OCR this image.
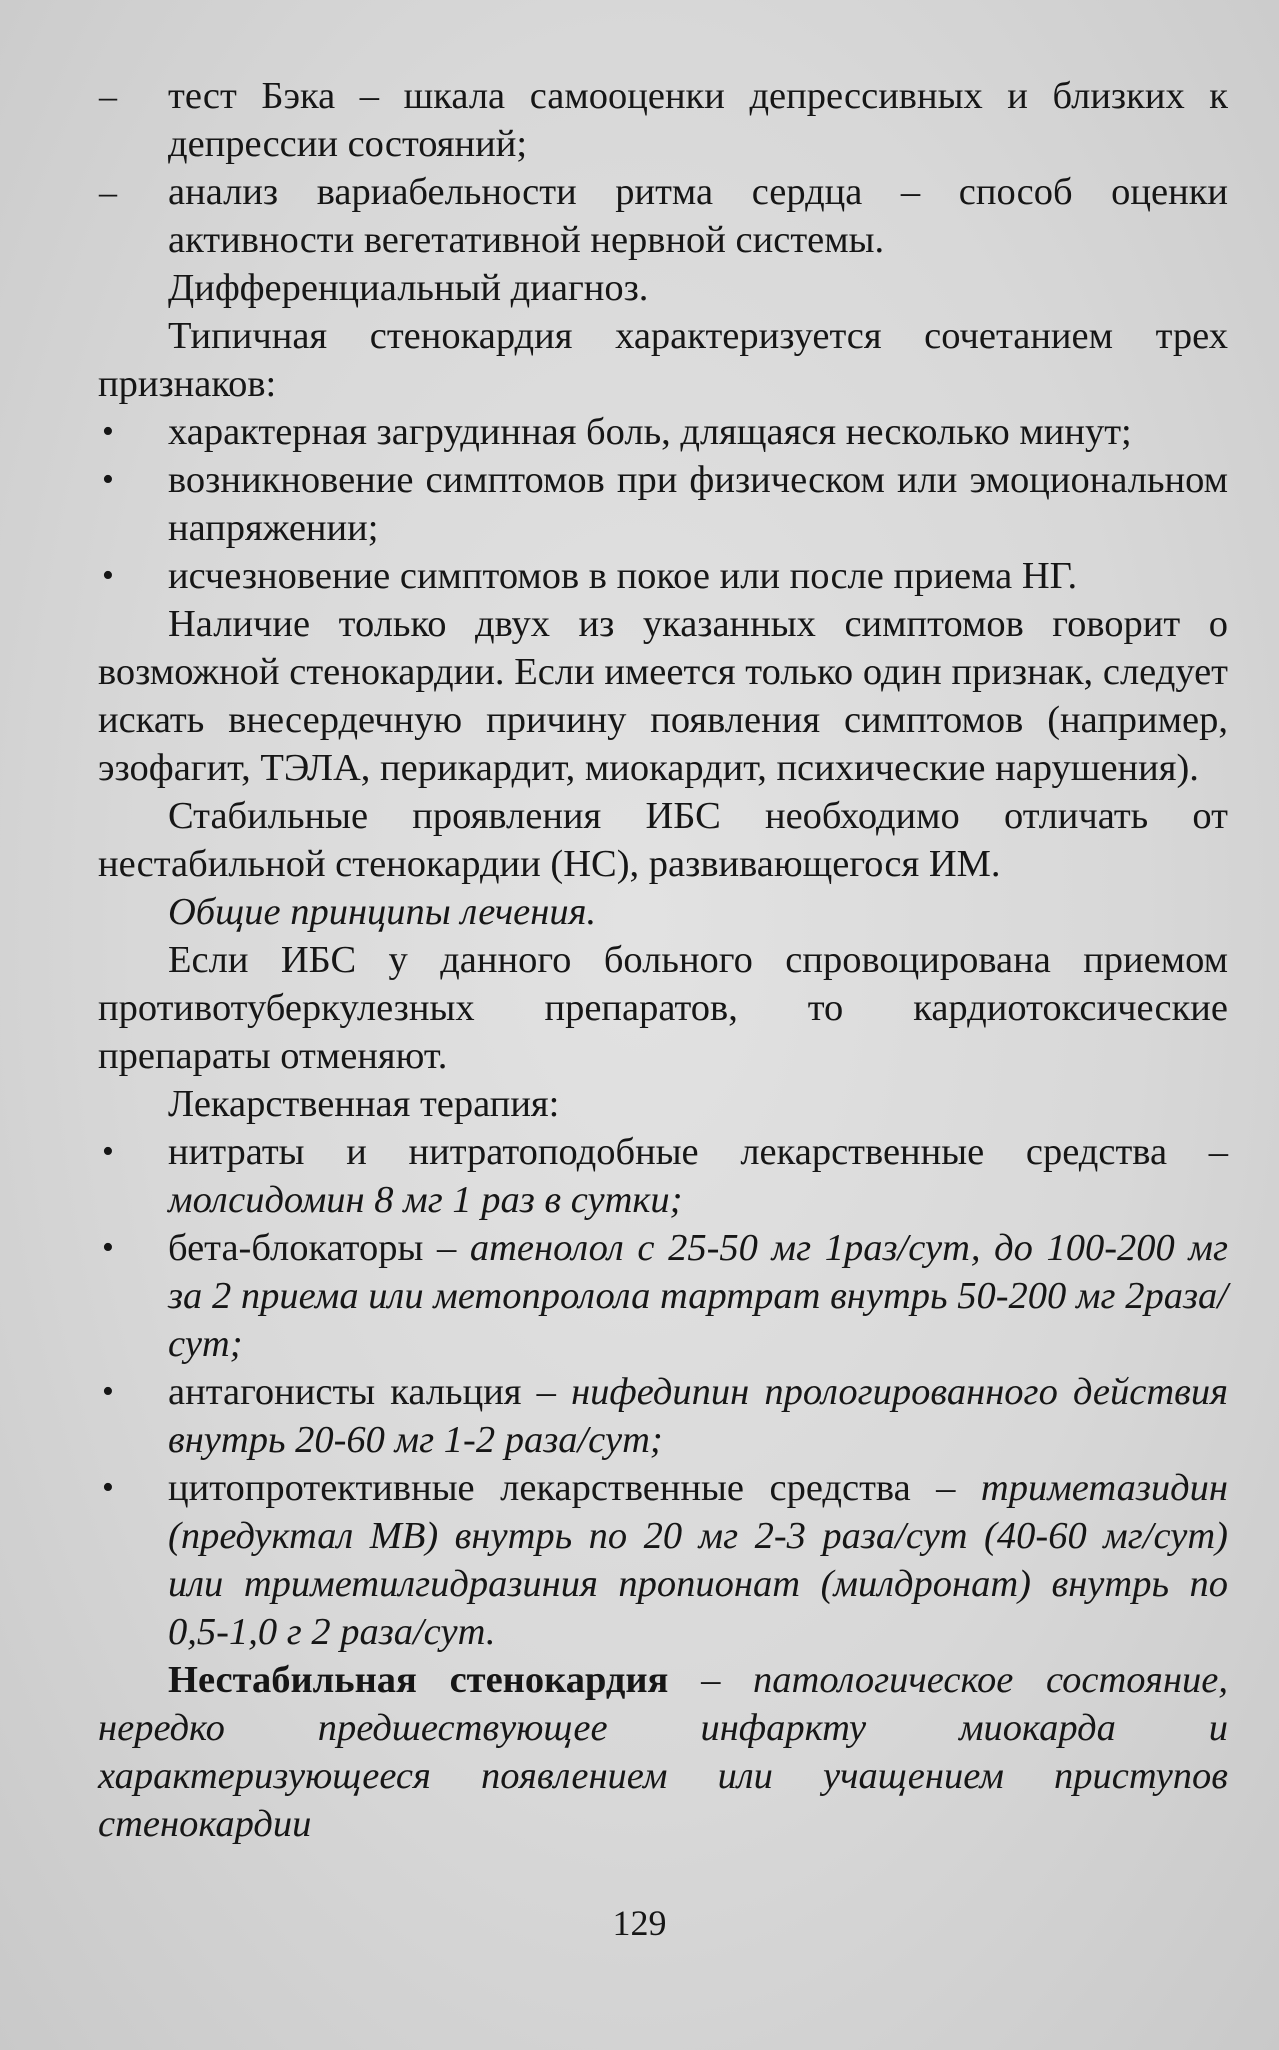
– тест Бэка – шкала самооценки депрессивных и близких к депрессии состояний;

– анализ вариабельности ритма сердца – способ оценки активности вегетативной нервной системы.

Дифференциальный диагноз.

Типичная стенокардия характеризуется сочетанием трех признаков:

•	характерная загрудинная боль, длящаяся несколько минут;

•	возникновение симптомов при физическом или эмоциональном напряжении;

•	исчезновение симптомов в покое или после приема НГ.

Наличие только двух из указанных симптомов говорит о возможной стенокардии. Если имеется только один признак, следует искать внесердечную причину появления симптомов (например, эзофагит, ТЭЛА, перикардит, миокардит, психические нарушения).

Стабильные проявления ИБС необходимо отличать от нестабильной стенокардии (НС), развивающегося ИМ.

Общие принципы лечения.

Если ИБС у данного больного спровоцирована приемом противотуберкулезных препаратов, то кардиотоксические препараты отменяют.

Лекарственная терапия:

•	нитраты и нитратоподобные лекарственные средства – молсидомин 8 мг 1 раз в сутки;

•	бета-блокаторы – атенолол с 25-50 мг 1раз/сут, до 100-200 мг за 2 приема или метопролола тартрат внутрь 50-200 мг 2раза/сут;

•	антагонисты кальция – нифедипин прологированного действия внутрь 20-60 мг 1-2 раза/сут;

•	цитопротективные лекарственные средства – триметазидин (предуктал МВ) внутрь по 20 мг 2-3 раза/сут (40-60 мг/сут) или триметилгидразиния пропионат (милдронат) внутрь по 0,5-1,0 г 2 раза/сут.

Нестабильная стенокардия – патологическое состояние, нередко предшествующее инфаркту миокарда и характеризующееся появлением или учащением приступов стенокардии

129
